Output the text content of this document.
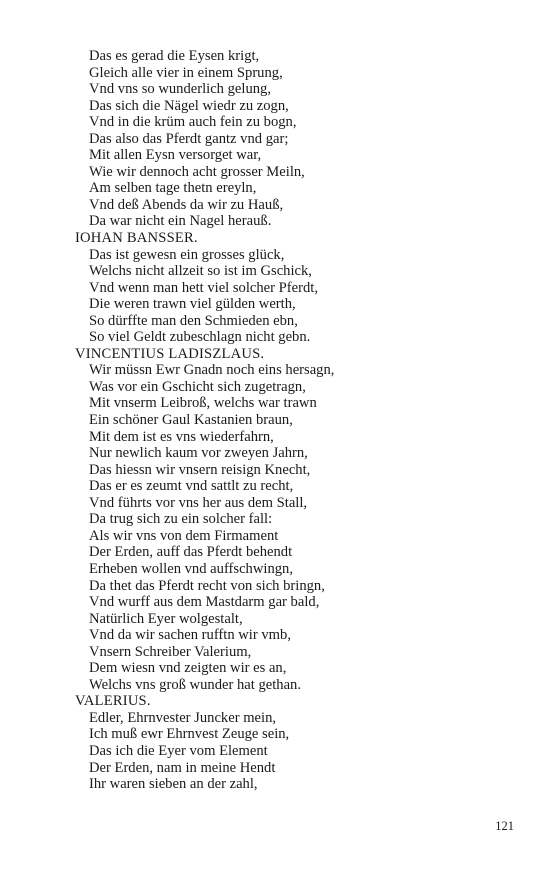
Das es gerad die Eysen krigt,
Gleich alle vier in einem Sprung,
Vnd vns so wunderlich gelung,
Das sich die Nägel wiedr zu zogn,
Vnd in die krüm auch fein zu bogn,
Das also das Pferdt gantz vnd gar;
Mit allen Eysn versorget war,
Wie wir dennoch acht grosser Meiln,
Am selben tage thetn ereyln,
Vnd deß Abends da wir zu Hauß,
Da war nicht ein Nagel herauß.
IOHAN BANSSER.
Das ist gewesn ein grosses glück,
Welchs nicht allzeit so ist im Gschick,
Vnd wenn man hett viel solcher Pferdt,
Die weren trawn viel gülden werth,
So dürffte man den Schmieden ebn,
So viel Geldt zubeschlagn nicht gebn.
VINCENTIUS LADISZLAUS.
Wir müssn Ewr Gnadn noch eins hersagn,
Was vor ein Gschicht sich zugetragn,
Mit vnserm Leibroß, welchs war trawn
Ein schöner Gaul Kastanien braun,
Mit dem ist es vns wiederfahrn,
Nur newlich kaum vor zweyen Jahrn,
Das hiessn wir vnsern reisign Knecht,
Das er es zeumt vnd sattlt zu recht,
Vnd führts vor vns her aus dem Stall,
Da trug sich zu ein solcher fall:
Als wir vns von dem Firmament
Der Erden, auff das Pferdt behendt
Erheben wollen vnd auffschwingn,
Da thet das Pferdt recht von sich bringn,
Vnd wurff aus dem Mastdarm gar bald,
Natürlich Eyer wolgestalt,
Vnd da wir sachen rufftn wir vmb,
Vnsern Schreiber Valerium,
Dem wiesn vnd zeigten wir es an,
Welchs vns groß wunder hat gethan.
VALERIUS.
Edler, Ehrnvester Juncker mein,
Ich muß ewr Ehrnvest Zeuge sein,
Das ich die Eyer vom Element
Der Erden, nam in meine Hendt
Ihr waren sieben an der zahl,
121
